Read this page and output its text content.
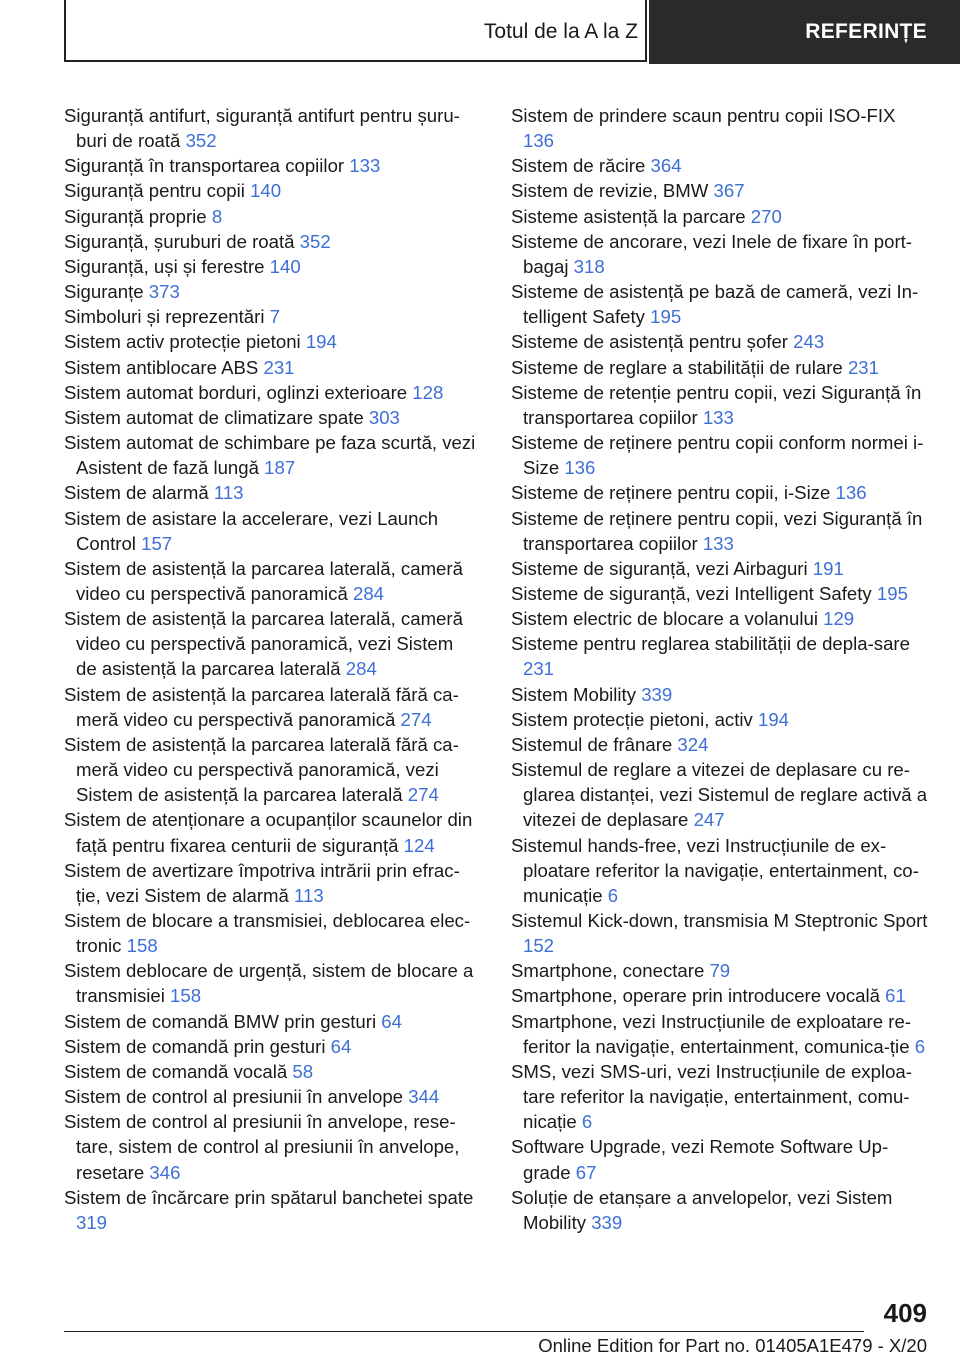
Totul de la A la Z	REFERINȚE
Siguranță antifurt, siguranță antifurt pentru șuru-buri de roată 352
Siguranță în transportarea copiilor 133
Siguranță pentru copii 140
Siguranță proprie 8
Siguranță, șuruburi de roată 352
Siguranță, uși și ferestre 140
Siguranțe 373
Simboluri și reprezentări 7
Sistem activ protecție pietoni 194
Sistem antiblocare ABS 231
Sistem automat borduri, oglinzi exterioare 128
Sistem automat de climatizare spate 303
Sistem automat de schimbare pe faza scurtă, vezi Asistent de fază lungă 187
Sistem de alarmă 113
Sistem de asistare la accelerare, vezi Launch Control 157
Sistem de asistență la parcarea laterală, cameră video cu perspectivă panoramică 284
Sistem de asistență la parcarea laterală, cameră video cu perspectivă panoramică, vezi Sistem de asistență la parcarea laterală 284
Sistem de asistență la parcarea laterală fără ca-meră video cu perspectivă panoramică 274
Sistem de asistență la parcarea laterală fără ca-meră video cu perspectivă panoramică, vezi Sistem de asistență la parcarea laterală 274
Sistem de atenționare a ocupanților scaunelor din față pentru fixarea centurii de siguranță 124
Sistem de avertizare împotriva intrării prin efrac-ție, vezi Sistem de alarmă 113
Sistem de blocare a transmisiei, deblocarea elec-tronic 158
Sistem deblocare de urgență, sistem de blocare a transmisiei 158
Sistem de comandă BMW prin gesturi 64
Sistem de comandă prin gesturi 64
Sistem de comandă vocală 58
Sistem de control al presiunii în anvelope 344
Sistem de control al presiunii în anvelope, rese-tare, sistem de control al presiunii în anvelope, resetare 346
Sistem de încărcare prin spătarul banchetei spate 319
Sistem de prindere scaun pentru copii ISO-FIX 136
Sistem de răcire 364
Sistem de revizie, BMW 367
Sisteme asistență la parcare 270
Sisteme de ancorare, vezi Inele de fixare în port-bagaj 318
Sisteme de asistență pe bază de cameră, vezi In-telligent Safety 195
Sisteme de asistență pentru șofer 243
Sisteme de reglare a stabilității de rulare 231
Sisteme de retenție pentru copii, vezi Siguranță în transportarea copiilor 133
Sisteme de reținere pentru copii conform normei i-Size 136
Sisteme de reținere pentru copii, i-Size 136
Sisteme de reținere pentru copii, vezi Siguranță în transportarea copiilor 133
Sisteme de siguranță, vezi Airbaguri 191
Sisteme de siguranță, vezi Intelligent Safety 195
Sistem electric de blocare a volanului 129
Sisteme pentru reglarea stabilității de depla-sare 231
Sistem Mobility 339
Sistem protecție pietoni, activ 194
Sistemul de frânare 324
Sistemul de reglare a vitezei de deplasare cu re-glarea distanței, vezi Sistemul de reglare activă a vitezei de deplasare 247
Sistemul hands-free, vezi Instrucțiunile de ex-ploatare referitor la navigație, entertainment, co-municație 6
Sistemul Kick-down, transmisia M Steptronic Sport 152
Smartphone, conectare 79
Smartphone, operare prin introducere vocală 61
Smartphone, vezi Instrucțiunile de exploatare re-feritor la navigație, entertainment, comunica-ție 6
SMS, vezi SMS-uri, vezi Instrucțiunile de exploa-tare referitor la navigație, entertainment, comu-nicație 6
Software Upgrade, vezi Remote Software Up-grade 67
Soluție de etanșare a anvelopelor, vezi Sistem Mobility 339
409
Online Edition for Part no. 01405A1E479 - X/20
